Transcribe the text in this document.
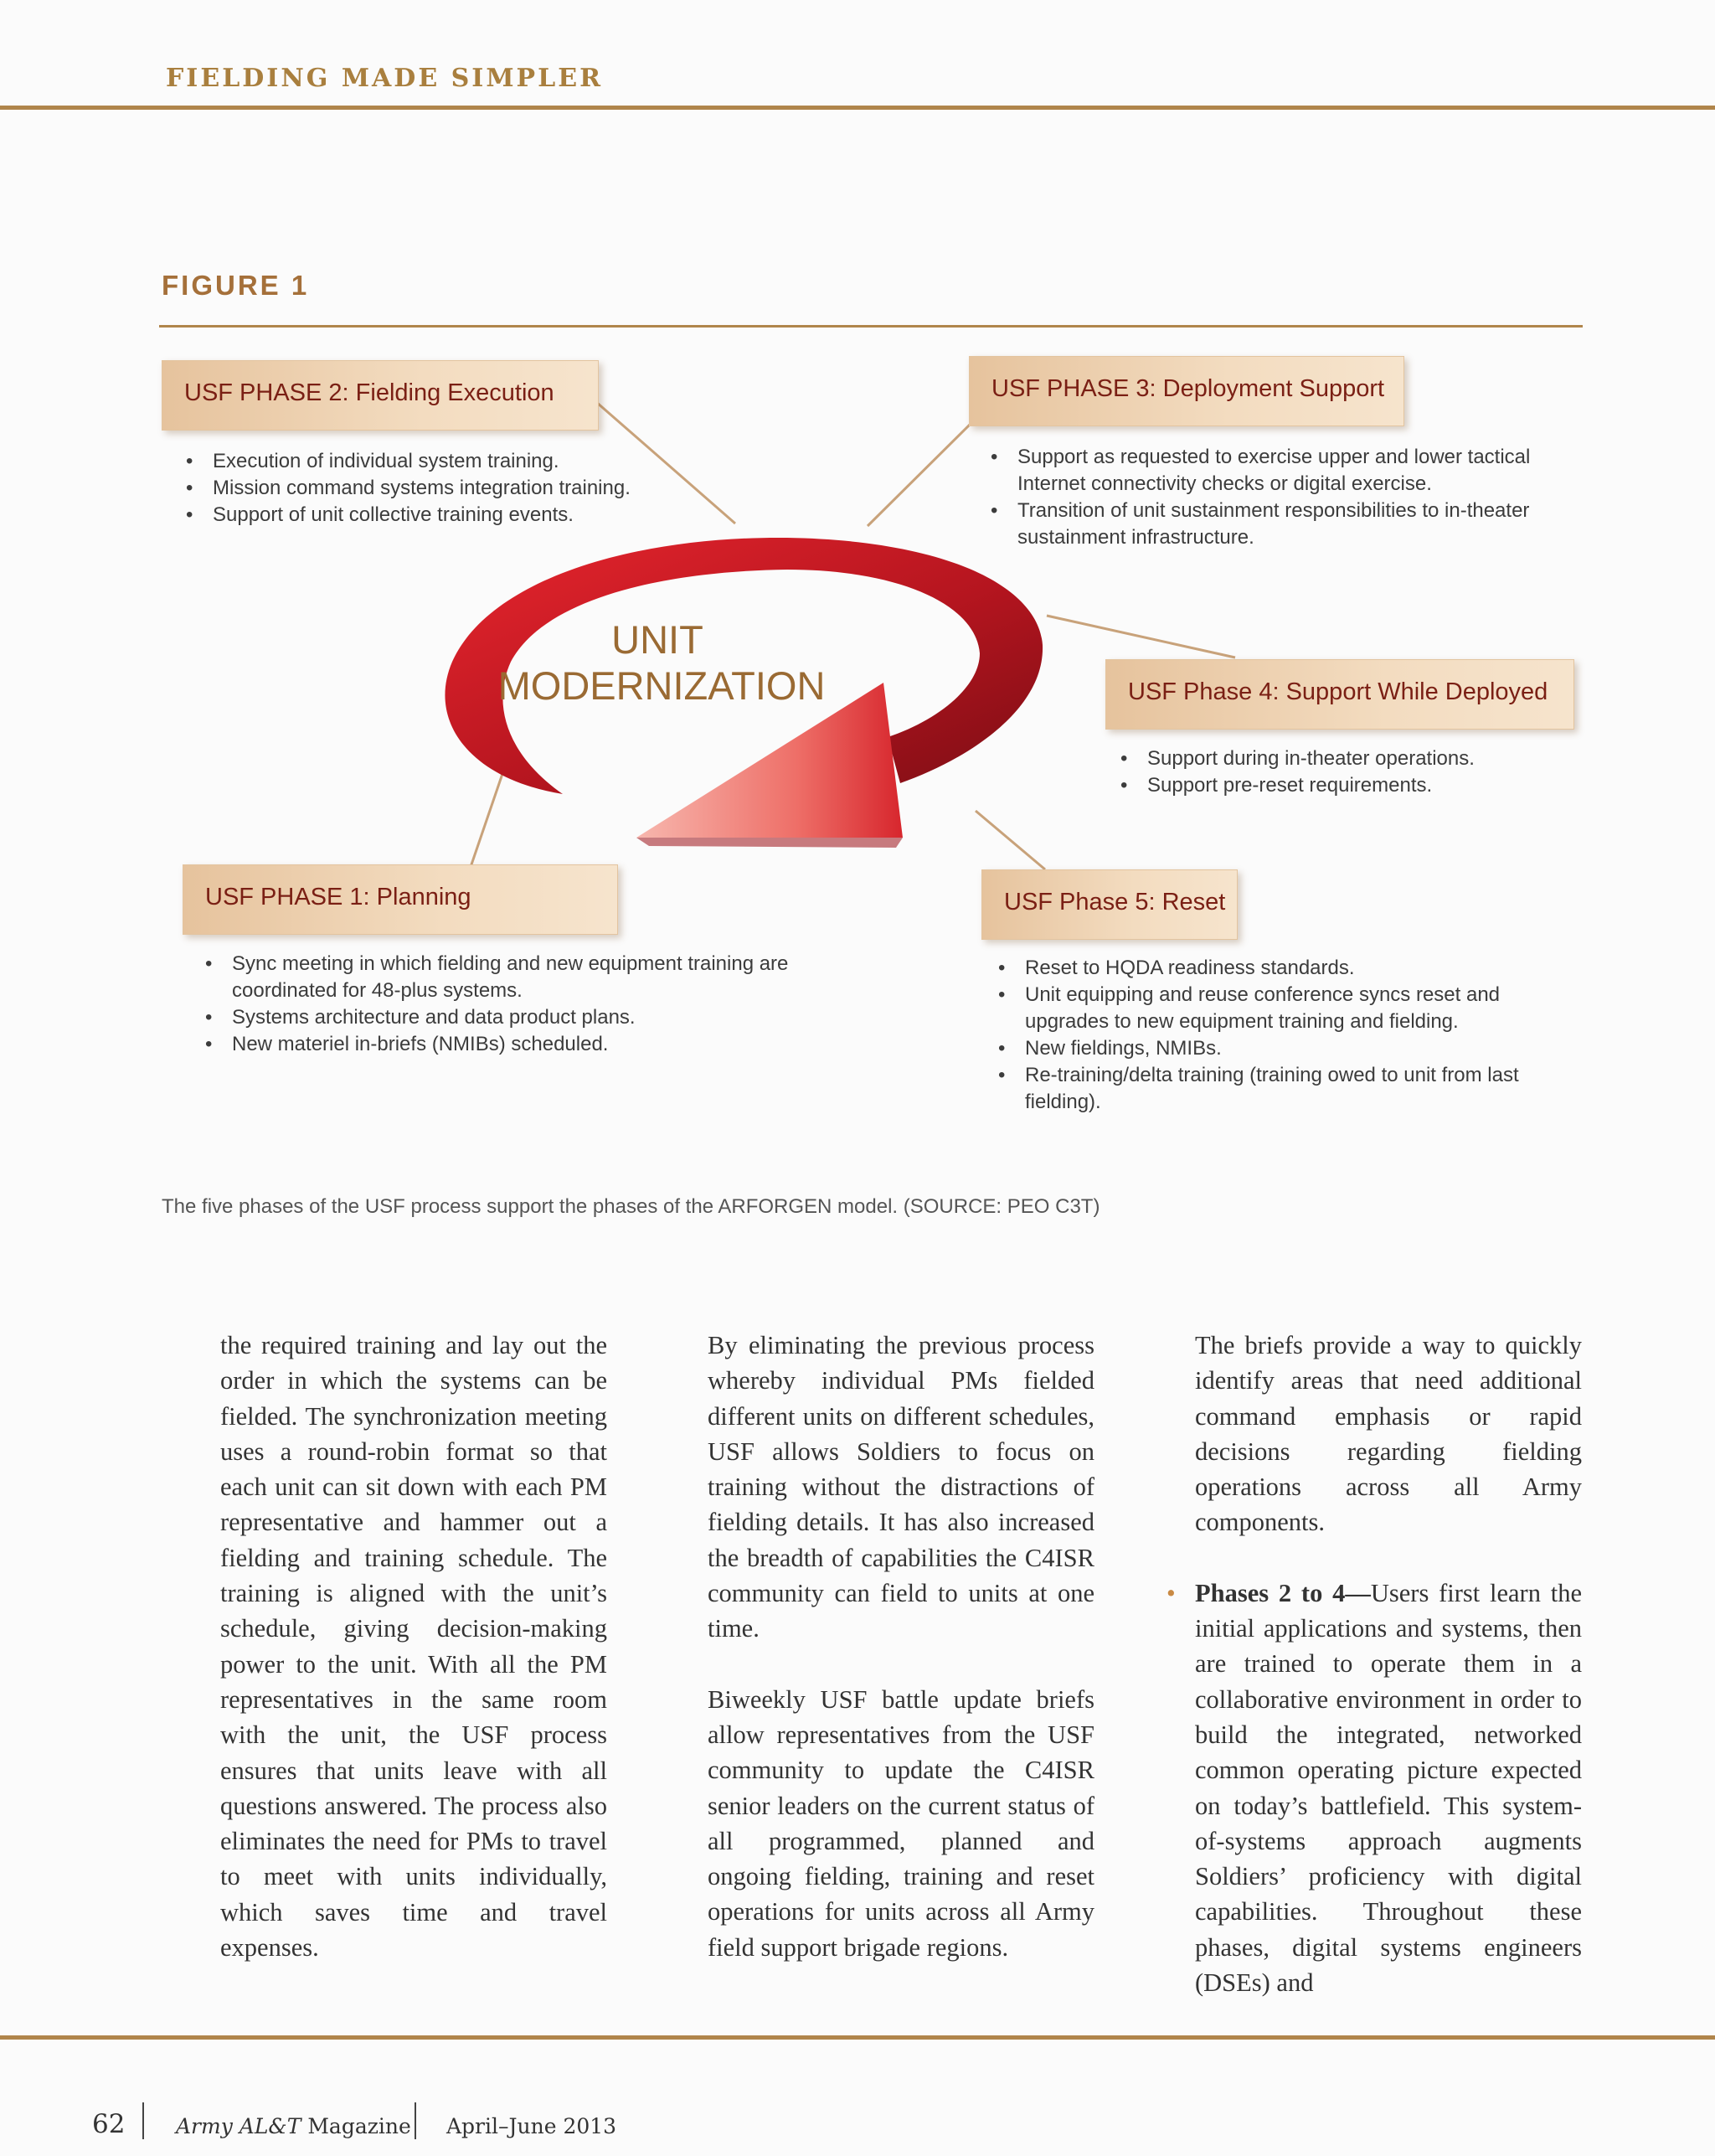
FIELDING MADE SIMPLER

FIGURE 1

UNIT
MODERNIZATION

USF PHASE 2: Fielding Execution

• Execution of individual system training.
• Mission command systems integration training.
• Support of unit collective training events.

USF PHASE 3: Deployment Support

• Support as requested to exercise upper and lower tactical Internet connectivity checks or digital exercise.
• Transition of unit sustainment responsibilities to in-theater sustainment infrastructure.

USF Phase 4: Support While Deployed

• Support during in-theater operations.
• Support pre-reset requirements.

USF PHASE 1: Planning

• Sync meeting in which fielding and new equipment training are coordinated for 48-plus systems.
• Systems architecture and data product plans.
• New materiel in-briefs (NMIBs) scheduled.

USF Phase 5: Reset

• Reset to HQDA readiness standards.
• Unit equipping and reuse conference syncs reset and upgrades to new equipment training and fielding.
• New fieldings, NMIBs.
• Re-training/delta training (training owed to unit from last fielding).

The five phases of the USF process support the phases of the ARFORGEN model. (SOURCE: PEO C3T)

the required training and lay out the order in which the systems can be fielded. The synchronization meeting uses a round-robin format so that each unit can sit down with each PM representative and hammer out a fielding and training schedule. The training is aligned with the unit’s schedule, giving decision-making power to the unit. With all the PM representatives in the same room with the unit, the USF process ensures that units leave with all questions answered. The process also eliminates the need for PMs to travel to meet with units individually, which saves time and travel expenses.

By eliminating the previous process whereby individual PMs fielded different units on different schedules, USF allows Soldiers to focus on training without the distractions of fielding details. It has also increased the breadth of capabilities the C4ISR community can field to units at one time.

Biweekly USF battle update briefs allow representatives from the USF community to update the C4ISR senior leaders on the current status of all programmed, planned and ongoing fielding, training and reset operations for units across all Army field support brigade regions.

The briefs provide a way to quickly identify areas that need additional command emphasis or rapid decisions regarding fielding operations across all Army components.

• Phases 2 to 4—Users first learn the initial applications and systems, then are trained to operate them in a collaborative environment in order to build the integrated, networked common operating picture expected on today’s battlefield. This system-of-systems approach augments Soldiers’ proficiency with digital capabilities. Throughout these phases, digital systems engineers (DSEs) and

62 Army AL&T Magazine April–June 2013
